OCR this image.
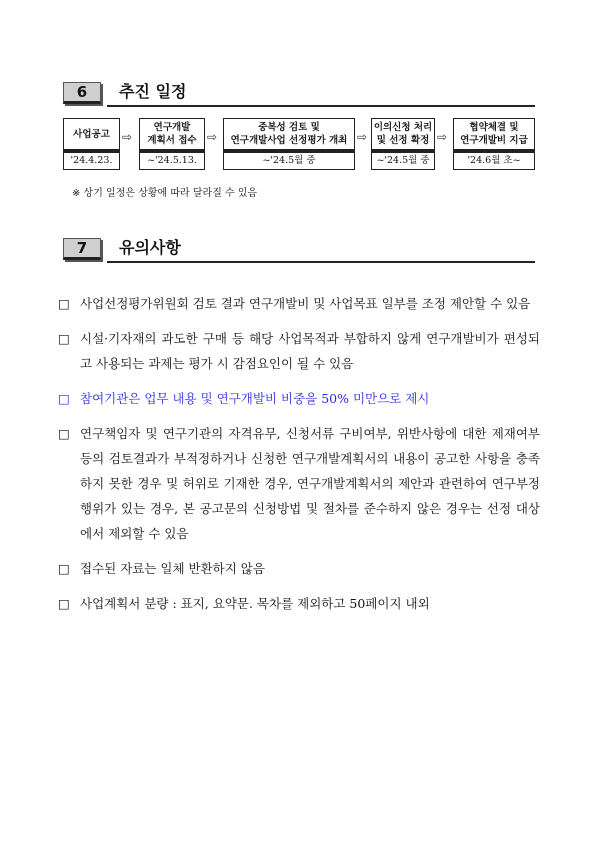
6	추진 일정
사업공고
'24.4.23.
⇨
연구개발
계획서 접수
~'24.5.13.
⇨
중복성 검토 및
연구개발사업 선정평가 개최
~'24.5월 중
⇨
이의신청 처리
및 선정 확정
~'24.5월 중
⇨
협약체결 및
연구개발비 지급
'24.6월 초~
※ 상기 일정은 상황에 따라 달라질 수 있음
7	유의사항
□ 사업선정평가위원회 검토 결과 연구개발비 및 사업목표 일부를 조정 제안할 수 있음
□ 시설·기자재의 과도한 구매 등 해당 사업목적과 부합하지 않게 연구개발비가 편성되고 사용되는 과제는 평가 시 감점요인이 될 수 있음
□ 참여기관은 업무 내용 및 연구개발비 비중을 50% 미만으로 제시
□ 연구책임자 및 연구기관의 자격유무, 신청서류 구비여부, 위반사항에 대한 제재여부 등의 검토결과가 부적정하거나 신청한 연구개발계획서의 내용이 공고한 사항을 충족하지 못한 경우 및 허위로 기재한 경우, 연구개발계획서의 제안과 관련하여 연구부정행위가 있는 경우, 본 공고문의 신청방법 및 절차를 준수하지 않은 경우는 선정 대상에서 제외할 수 있음
□ 접수된 자료는 일체 반환하지 않음
□ 사업계획서 분량 : 표지, 요약문. 목차를 제외하고 50페이지 내외
